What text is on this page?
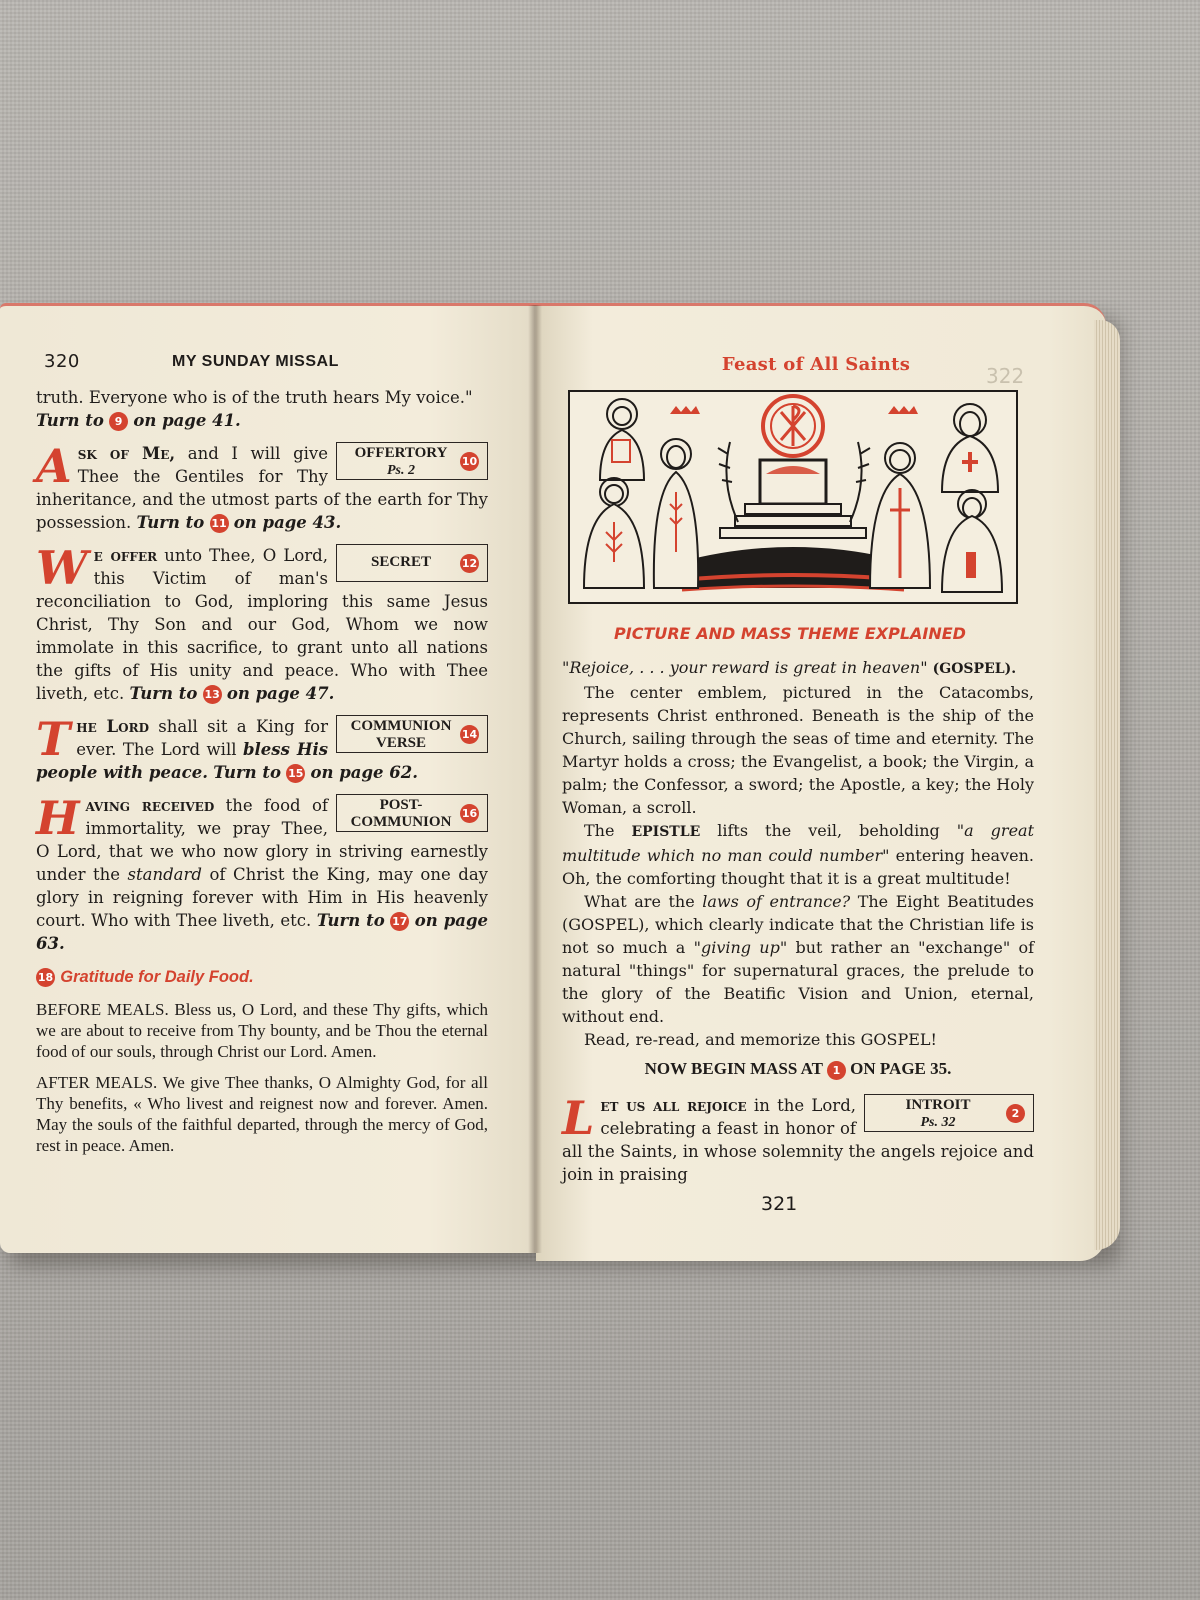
320	MY SUNDAY MISSAL
truth. Everyone who is of the truth hears My voice." Turn to 9 on page 41.
OFFERTORY
Ps. 2
10
A sk of Me, and I will give Thee the Gentiles for Thy inheritance, and the utmost parts of the earth for Thy possession. Turn to 11 on page 43.
SECRET	12
W e offer unto Thee, O Lord, this Victim of man's reconciliation to God, imploring this same Jesus Christ, Thy Son and our God, Whom we now immolate in this sacrifice, to grant unto all nations the gifts of His unity and peace. Who with Thee liveth, etc. Turn to 13 on page 47.
COMMUNION VERSE
14
T he Lord shall sit a King for ever. The Lord will bless His people with peace. Turn to 15 on page 62.
POST-COMMUNION
16
H aving received the food of immortality, we pray Thee, O Lord, that we who now glory in striving earnestly under the standard of Christ the King, may one day glory in reigning forever with Him in His heavenly court. Who with Thee liveth, etc. Turn to 17 on page 63.
18 Gratitude for Daily Food.
BEFORE MEALS. Bless us, O Lord, and these Thy gifts, which we are about to receive from Thy bounty, and be Thou the eternal food of our souls, through Christ our Lord. Amen.
AFTER MEALS. We give Thee thanks, O Almighty God, for all Thy benefits, « Who livest and reignest now and forever. Amen. May the souls of the faithful departed, through the mercy of God, rest in peace. Amen.
322
Feast of All Saints
PICTURE AND MASS THEME EXPLAINED
"Rejoice, . . . your reward is great in heaven" (GOSPEL).
The center emblem, pictured in the Catacombs, represents Christ enthroned. Beneath is the ship of the Church, sailing through the seas of time and eternity. The Martyr holds a cross; the Evangelist, a book; the Virgin, a palm; the Confessor, a sword; the Apostle, a key; the Holy Woman, a scroll.
The EPISTLE lifts the veil, beholding "a great multitude which no man could number" entering heaven. Oh, the comforting thought that it is a great multitude!
What are the laws of entrance? The Eight Beatitudes (GOSPEL), which clearly indicate that the Christian life is not so much a "giving up" but rather an "exchange" of natural "things" for supernatural graces, the prelude to the glory of the Beatific Vision and Union, eternal, without end.
Read, re-read, and memorize this GOSPEL!
NOW BEGIN MASS AT 1 ON PAGE 35.
INTROIT
Ps. 32
2
L et us all rejoice in the Lord, celebrating a feast in honor of all the Saints, in whose solemnity the angels rejoice and join in praising
321
